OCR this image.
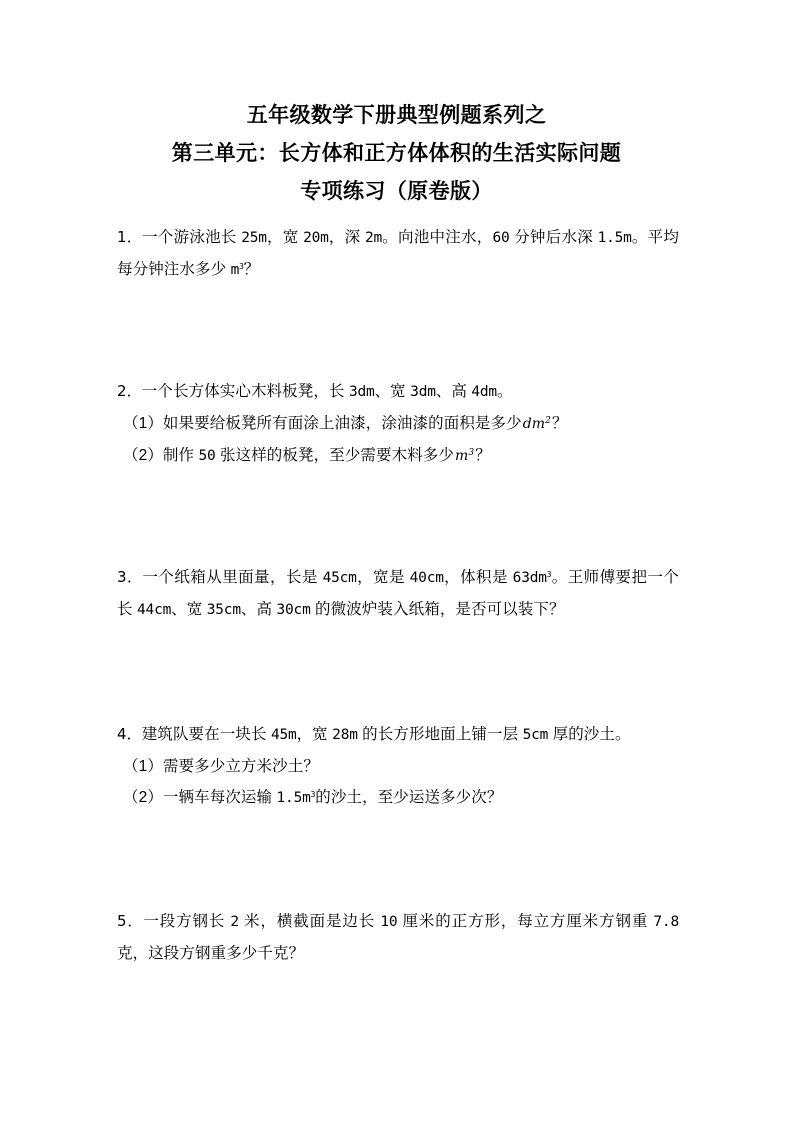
五年级数学下册典型例题系列之
第三单元：长方体和正方体体积的生活实际问题
专项练习（原卷版）
1．一个游泳池长 25m，宽 20m，深 2m。向池中注水，60 分钟后水深 1.5m。平均每分钟注水多少 $m^3$？
2．一个长方体实心木料板凳，长 3dm、宽 3dm、高 4dm。
（1）如果要给板凳所有面涂上油漆，涂油漆的面积是多少$dm^2$？
（2）制作 50 张这样的板凳，至少需要木料多少$m^3$？
3．一个纸箱从里面量，长是 45cm，宽是 40cm，体积是 $63dm^3$。王师傅要把一个长 44cm、宽 35cm、高 30cm 的微波炉装入纸箱，是否可以装下？
4．建筑队要在一块长 45m，宽 28m 的长方形地面上铺一层 5cm 厚的沙土。
（1）需要多少立方米沙土？
（2）一辆车每次运输 $1.5m^3$的沙土，至少运送多少次？
5．一段方钢长 2 米，横截面是边长 10 厘米的正方形，每立方厘米方钢重 7.8 克，这段方钢重多少千克？
